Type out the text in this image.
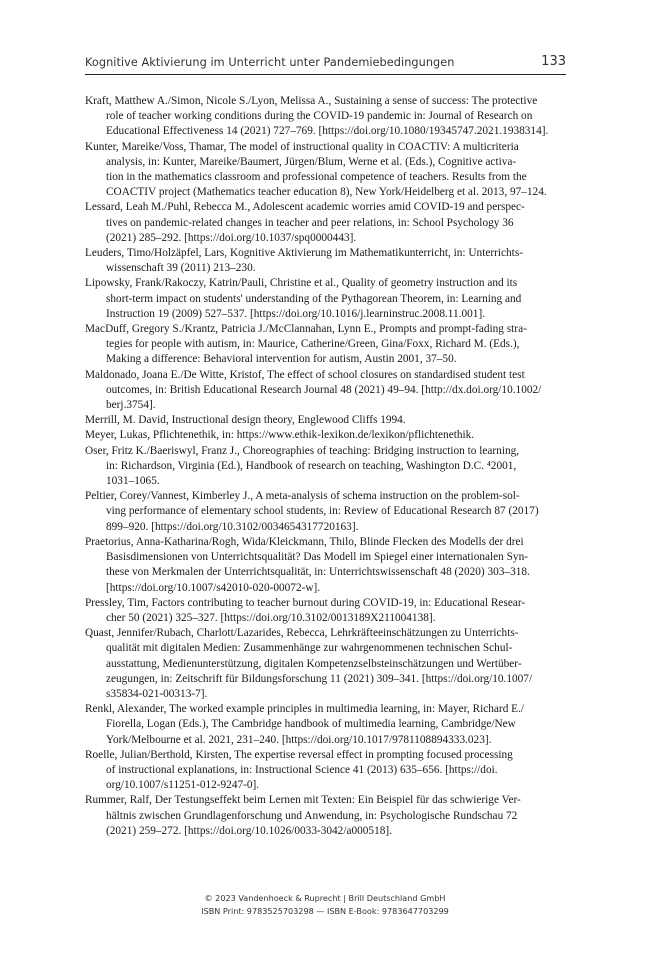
Kognitive Aktivierung im Unterricht unter Pandemiebedingungen	133
Kraft, Matthew A./Simon, Nicole S./Lyon, Melissa A., Sustaining a sense of success: The protective
role of teacher working conditions during the COVID-19 pandemic in: Journal of Research on
Educational Effectiveness 14 (2021) 727–769. [https://doi.org/10.1080/19345747.2021.1938314].
Kunter, Mareike/Voss, Thamar, The model of instructional quality in COACTIV: A multicriteria
analysis, in: Kunter, Mareike/Baumert, Jürgen/Blum, Werne et al. (Eds.), Cognitive activa-
tion in the mathematics classroom and professional competence of teachers. Results from the
COACTIV project (Mathematics teacher education 8), New York/Heidelberg et al. 2013, 97–124.
Lessard, Leah M./Puhl, Rebecca M., Adolescent academic worries amid COVID-19 and perspec-
tives on pandemic-related changes in teacher and peer relations, in: School Psychology 36
(2021) 285–292. [https://doi.org/10.1037/spq0000443].
Leuders, Timo/Holzäpfel, Lars, Kognitive Aktivierung im Mathematikunterricht, in: Unterrichts-
wissenschaft 39 (2011) 213–230.
Lipowsky, Frank/Rakoczy, Katrin/Pauli, Christine et al., Quality of geometry instruction and its
short-term impact on students' understanding of the Pythagorean Theorem, in: Learning and
Instruction 19 (2009) 527–537. [https://doi.org/10.1016/j.learninstruc.2008.11.001].
MacDuff, Gregory S./Krantz, Patricia J./McClannahan, Lynn E., Prompts and prompt-fading stra-
tegies for people with autism, in: Maurice, Catherine/Green, Gina/Foxx, Richard M. (Eds.),
Making a difference: Behavioral intervention for autism, Austin 2001, 37–50.
Maldonado, Joana E./De Witte, Kristof, The effect of school closures on standardised student test
outcomes, in: British Educational Research Journal 48 (2021) 49–94. [http://dx.doi.org/10.1002/
berj.3754].
Merrill, M. David, Instructional design theory, Englewood Cliffs 1994.
Meyer, Lukas, Pflichtenethik, in: https://www.ethik-lexikon.de/lexikon/pflichtenethik.
Oser, Fritz K./Baeriswyl, Franz J., Choreographies of teaching: Bridging instruction to learning,
in: Richardson, Virginia (Ed.), Handbook of research on teaching, Washington D.C. ⁴2001,
1031–1065.
Peltier, Corey/Vannest, Kimberley J., A meta-analysis of schema instruction on the problem-sol-
ving performance of elementary school students, in: Review of Educational Research 87 (2017)
899–920. [https://doi.org/10.3102/0034654317720163].
Praetorius, Anna-Katharina/Rogh, Wida/Kleickmann, Thilo, Blinde Flecken des Modells der drei
Basisdimensionen von Unterrichtsqualität? Das Modell im Spiegel einer internationalen Syn-
these von Merkmalen der Unterrichtsqualität, in: Unterrichtswissenschaft 48 (2020) 303–318.
[https://doi.org/10.1007/s42010-020-00072-w].
Pressley, Tim, Factors contributing to teacher burnout during COVID-19, in: Educational Resear-
cher 50 (2021) 325–327. [https://doi.org/10.3102/0013189X211004138].
Quast, Jennifer/Rubach, Charlott/Lazarides, Rebecca, Lehrkräfteeinschätzungen zu Unterrichts-
qualität mit digitalen Medien: Zusammenhänge zur wahrgenommenen technischen Schul-
ausstattung, Medienunterstützung, digitalen Kompetenzselbsteinschätzungen und Wertüber-
zeugungen, in: Zeitschrift für Bildungsforschung 11 (2021) 309–341. [https://doi.org/10.1007/
s35834-021-00313-7].
Renkl, Alexander, The worked example principles in multimedia learning, in: Mayer, Richard E./
Fiorella, Logan (Eds.), The Cambridge handbook of multimedia learning, Cambridge/New
York/Melbourne et al. 2021, 231–240. [https://doi.org/10.1017/9781108894333.023].
Roelle, Julian/Berthold, Kirsten, The expertise reversal effect in prompting focused processing
of instructional explanations, in: Instructional Science 41 (2013) 635–656. [https://doi.
org/10.1007/s11251-012-9247-0].
Rummer, Ralf, Der Testungseffekt beim Lernen mit Texten: Ein Beispiel für das schwierige Ver-
hältnis zwischen Grundlagenforschung und Anwendung, in: Psychologische Rundschau 72
(2021) 259–272. [https://doi.org/10.1026/0033-3042/a000518].
© 2023 Vandenhoeck & Ruprecht | Brill Deutschland GmbH
ISBN Print: 9783525703298 — ISBN E-Book: 9783647703299
